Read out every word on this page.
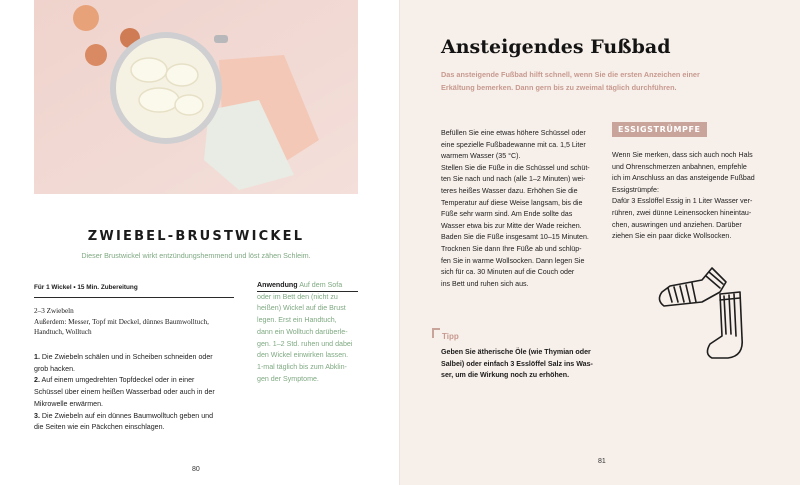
ZWIEBEL-BRUSTWICKEL
Dieser Brustwickel wirkt entzündungshemmend und löst zähen Schleim.
Für 1 Wickel • 15 Min. Zubereitung
2–3 Zwiebeln
Außerdem: Messer, Topf mit Deckel, dünnes Baumwolltuch,
Handtuch, Wolltuch
1. Die Zwiebeln schälen und in Scheiben schneiden oder
grob hacken.
2. Auf einem umgedrehten Topfdeckel oder in einer
Schüssel über einem heißen Wasserbad oder auch in der
Mikrowelle erwärmen.
3. Die Zwiebeln auf ein dünnes Baumwolltuch geben und
die Seiten wie ein Päckchen einschlagen.
Anwendung Auf dem Sofa
oder im Bett den (nicht zu
heißen) Wickel auf die Brust
legen. Erst ein Handtuch,
dann ein Wolltuch darüberle-
gen. 1–2 Std. ruhen und dabei
den Wickel einwirken lassen.
1-mal täglich bis zum Abklin-
gen der Symptome.
80
Ansteigendes Fußbad
Das ansteigende Fußbad hilft schnell, wenn Sie die ersten Anzeichen einer
Erkältung bemerken. Dann gern bis zu zweimal täglich durchführen.
Befüllen Sie eine etwas höhere Schüssel oder
eine spezielle Fußbadewanne mit ca. 1,5 Liter
warmem Wasser (35 °C).
Stellen Sie die Füße in die Schüssel und schüt-
ten Sie nach und nach (alle 1–2 Minuten) wei-
teres heißes Wasser dazu. Erhöhen Sie die
Temperatur auf diese Weise langsam, bis die
Füße sehr warm sind. Am Ende sollte das
Wasser etwa bis zur Mitte der Wade reichen.
Baden Sie die Füße insgesamt 10–15 Minuten.
Trocknen Sie dann Ihre Füße ab und schlüp-
fen Sie in warme Wollsocken. Dann legen Sie
sich für ca. 30 Minuten auf die Couch oder
ins Bett und ruhen sich aus.
ESSIGSTRÜMPFE
Wenn Sie merken, dass sich auch noch Hals
und Ohrenschmerzen anbahnen, empfehle
ich im Anschluss an das ansteigende Fußbad
Essigstrümpfe:
Dafür 3 Esslöffel Essig in 1 Liter Wasser ver-
rühren, zwei dünne Leinensocken hineintau-
chen, auswringen und anziehen. Darüber
ziehen Sie ein paar dicke Wollsocken.
Tipp
Geben Sie ätherische Öle (wie Thymian oder
Salbei) oder einfach 3 Esslöffel Salz ins Was-
ser, um die Wirkung noch zu erhöhen.
81
